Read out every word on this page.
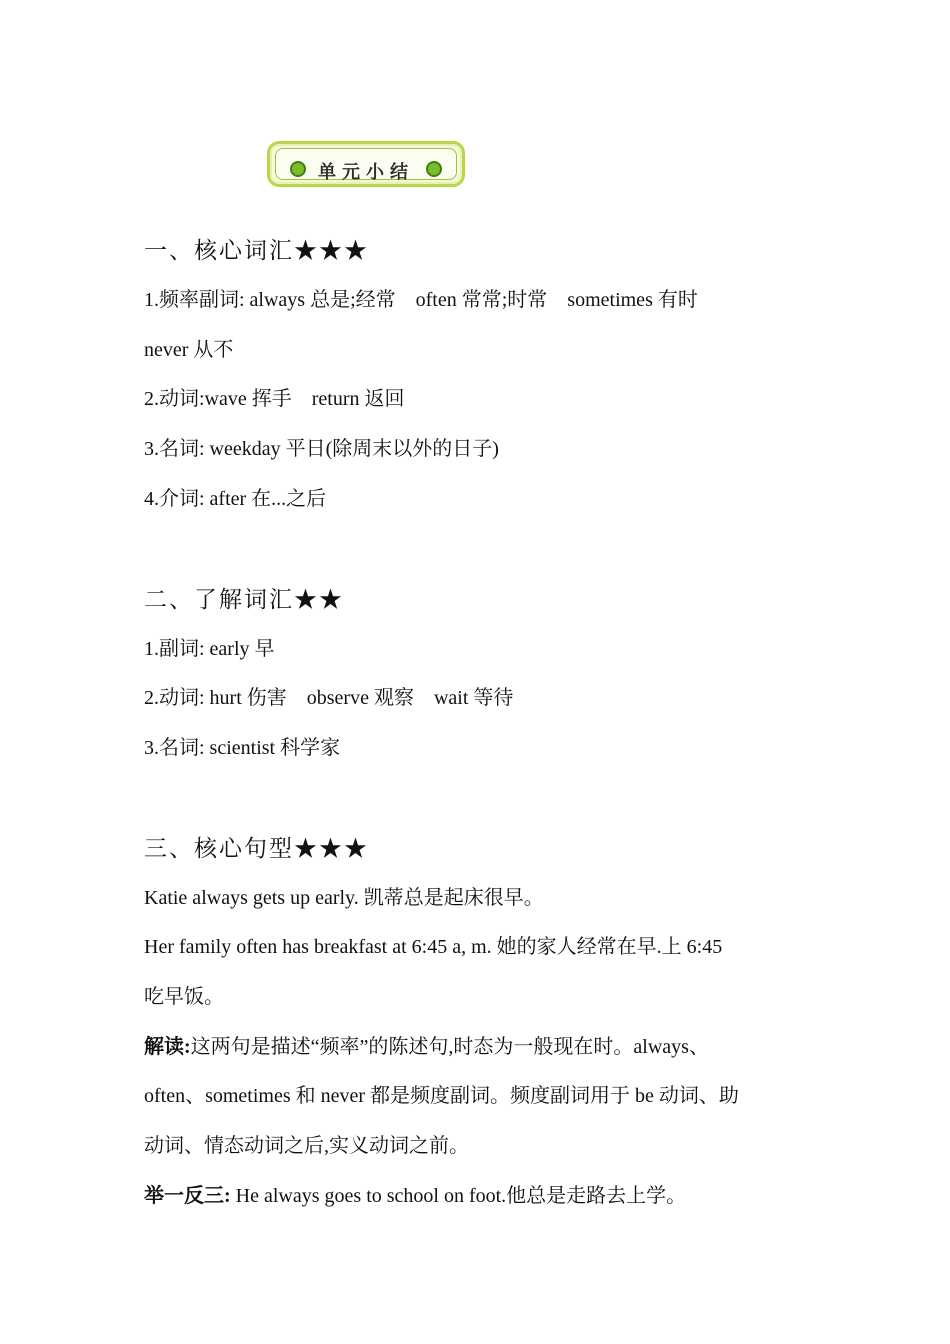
单元小结
一、核心词汇★★★
1.频率副词: always 总是;经常　often 常常;时常　sometimes 有时
never 从不
2.动词:wave 挥手　return 返回
3.名词: weekday 平日(除周末以外的日子)
4.介词: after 在...之后
二、了解词汇★★
1.副词: early 早
2.动词: hurt 伤害　observe 观察　wait 等待
3.名词: scientist 科学家
三、核心句型★★★
Katie always gets up early. 凯蒂总是起床很早。
Her family often has breakfast at 6:45 a, m. 她的家人经常在早.上 6:45
吃早饭。
解读:这两句是描述“频率”的陈述句,时态为一般现在时。always、
often、sometimes 和 never 都是频度副词。频度副词用于 be 动词、助
动词、情态动词之后,实义动词之前。
举一反三: He always goes to school on foot.他总是走路去上学。
